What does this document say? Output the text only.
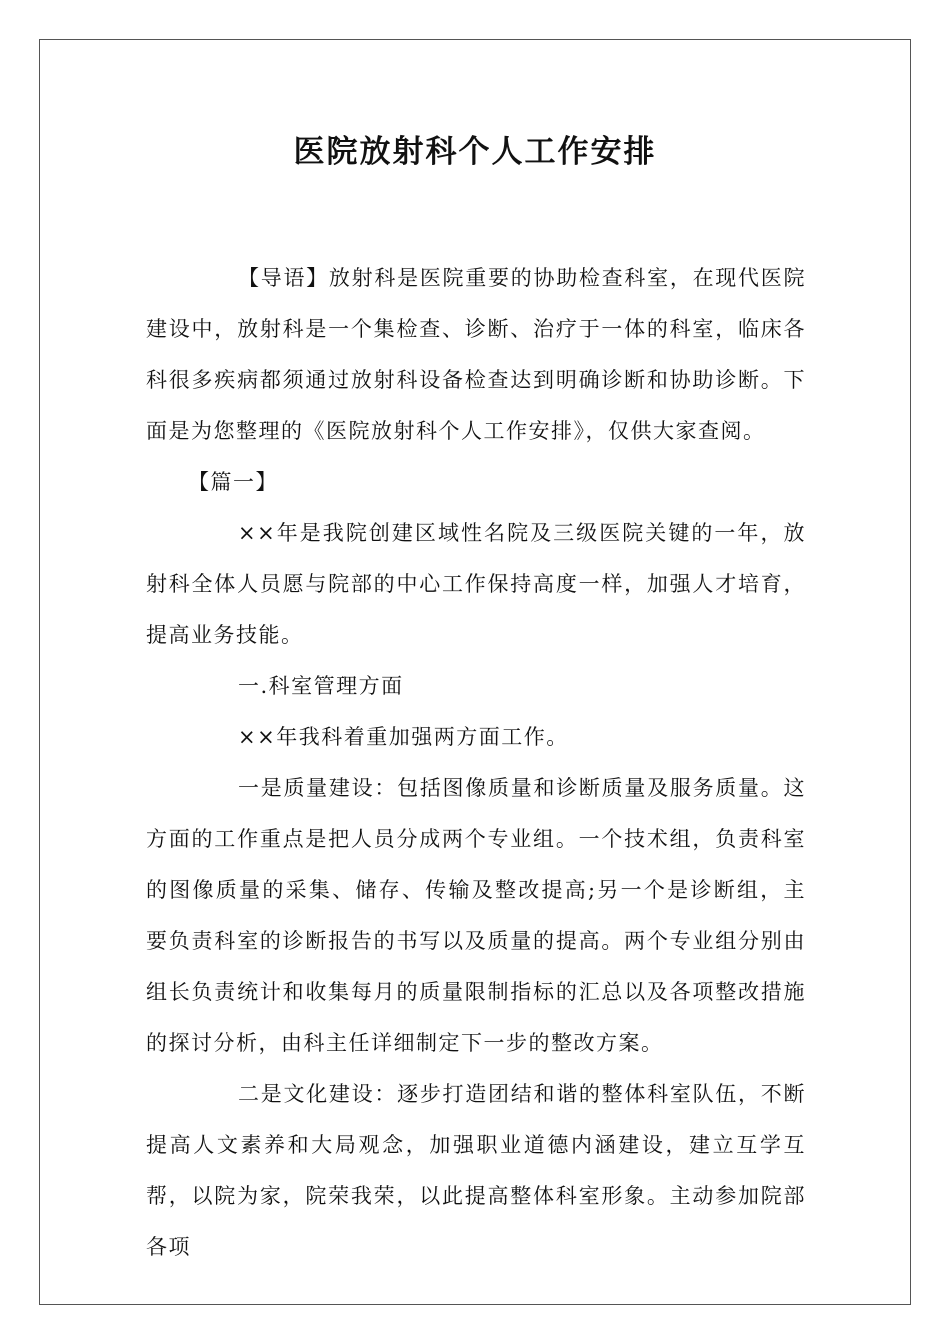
医院放射科个人工作安排

【导语】放射科是医院重要的协助检查科室，在现代医院建设中，放射科是一个集检查、诊断、治疗于一体的科室，临床各科很多疾病都须通过放射科设备检查达到明确诊断和协助诊断。下面是为您整理的《医院放射科个人工作安排》，仅供大家查阅。

【篇一】

××年是我院创建区域性名院及三级医院关键的一年，放射科全体人员愿与院部的中心工作保持高度一样，加强人才培育，提高业务技能。

一.科室管理方面

××年我科着重加强两方面工作。

一是质量建设：包括图像质量和诊断质量及服务质量。这方面的工作重点是把人员分成两个专业组。一个技术组，负责科室的图像质量的采集、储存、传输及整改提高;另一个是诊断组，主要负责科室的诊断报告的书写以及质量的提高。两个专业组分别由组长负责统计和收集每月的质量限制指标的汇总以及各项整改措施的探讨分析，由科主任详细制定下一步的整改方案。

二是文化建设：逐步打造团结和谐的整体科室队伍，不断提高人文素养和大局观念，加强职业道德内涵建设，建立互学互帮，以院为家，院荣我荣，以此提高整体科室形象。主动参加院部各项
